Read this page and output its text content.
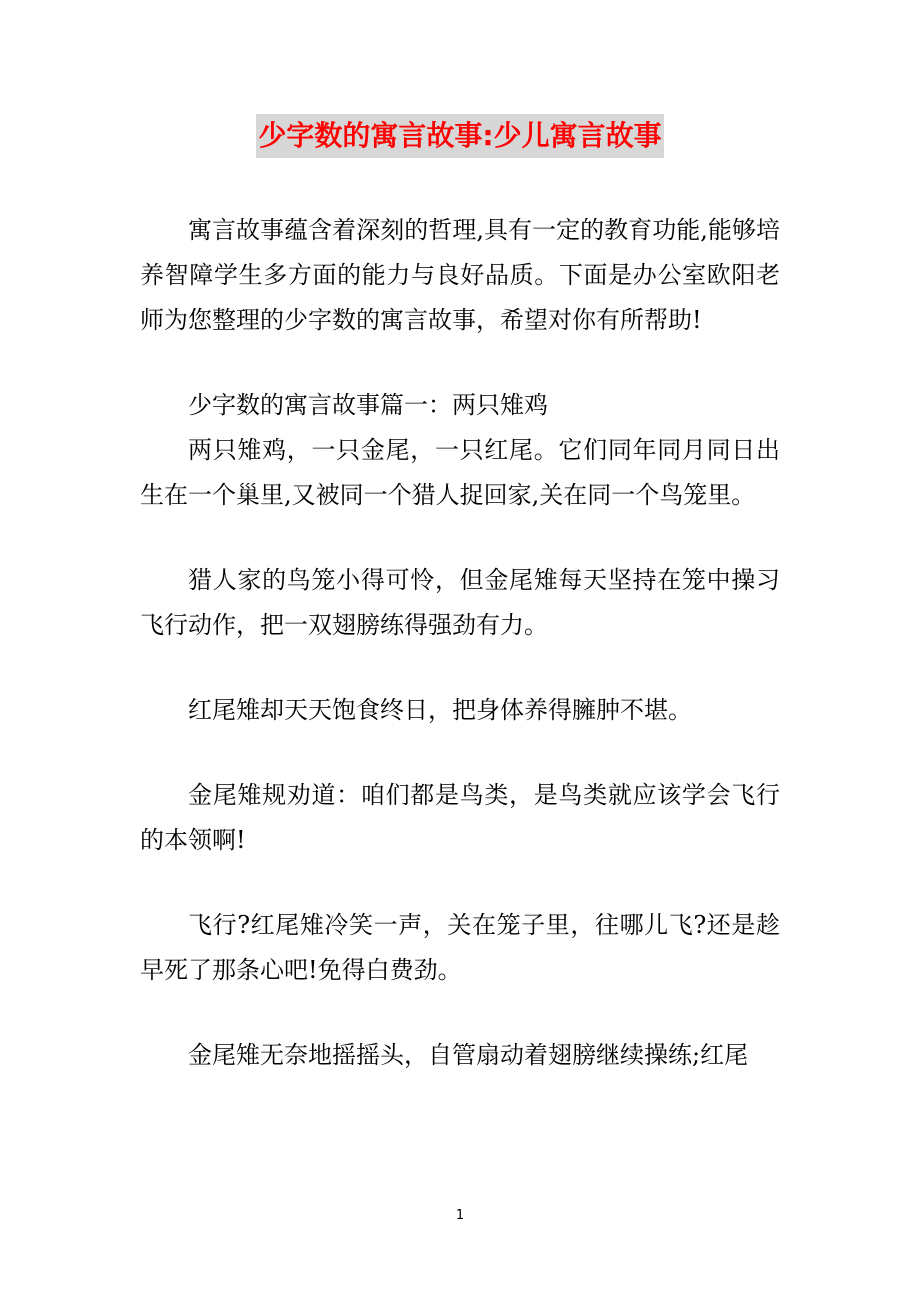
少字数的寓言故事:少儿寓言故事

寓言故事蕴含着深刻的哲理,具有一定的教育功能,能够培养智障学生多方面的能力与良好品质。下面是办公室欧阳老师为您整理的少字数的寓言故事，希望对你有所帮助!

少字数的寓言故事篇一：两只雉鸡

两只雉鸡，一只金尾，一只红尾。它们同年同月同日出生在一个巢里,又被同一个猎人捉回家,关在同一个鸟笼里。

猎人家的鸟笼小得可怜，但金尾雉每天坚持在笼中操习飞行动作，把一双翅膀练得强劲有力。

红尾雉却天天饱食终日，把身体养得臃肿不堪。

金尾雉规劝道：咱们都是鸟类，是鸟类就应该学会飞行的本领啊!

飞行?红尾雉冷笑一声，关在笼子里，往哪儿飞?还是趁早死了那条心吧!免得白费劲。

金尾雉无奈地摇摇头，自管扇动着翅膀继续操练;红尾

1
